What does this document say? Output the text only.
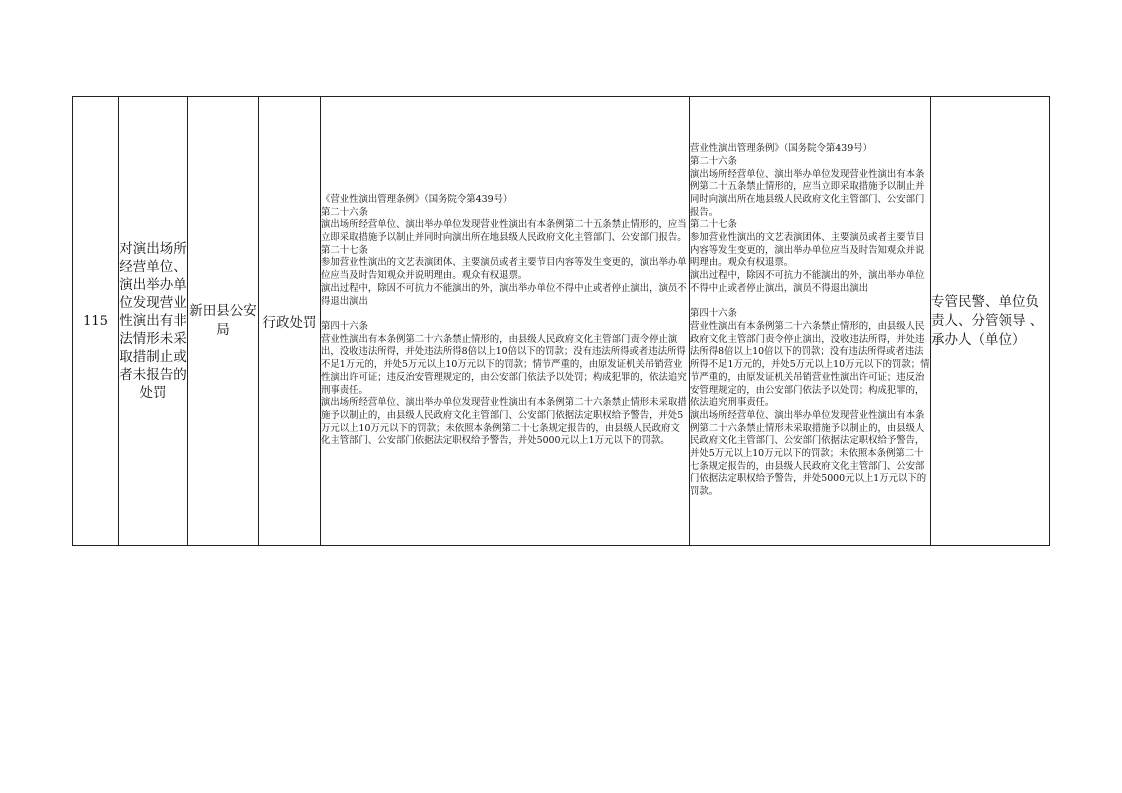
115	对演出场所经营单位、演出举办单位发现营业性演出有非法情形未采取措制止或者未报告的处罚	新田县公安局	行政处罚	《营业性演出管理条例》（国务院令第439号）
第二十六条
演出场所经营单位、演出举办单位发现营业性演出有本条例第二十五条禁止情形的，应当立即采取措施予以制止并同时向演出所在地县级人民政府文化主管部门、公安部门报告。
第二十七条
参加营业性演出的文艺表演团体、主要演员或者主要节目内容等发生变更的，演出举办单位应当及时告知观众并说明理由。观众有权退票。
演出过程中，除因不可抗力不能演出的外，演出举办单位不得中止或者停止演出，演员不得退出演出

第四十六条
营业性演出有本条例第二十六条禁止情形的，由县级人民政府文化主管部门责令停止演出，没收违法所得，并处违法所得8倍以上10倍以下的罚款；没有违法所得或者违法所得不足1万元的，并处5万元以上10万元以下的罚款；情节严重的，由原发证机关吊销营业性演出许可证；违反治安管理规定的，由公安部门依法予以处罚；构成犯罪的，依法追究刑事责任。
演出场所经营单位、演出举办单位发现营业性演出有本条例第二十六条禁止情形未采取措施予以制止的，由县级人民政府文化主管部门、公安部门依据法定职权给予警告，并处5万元以上10万元以下的罚款；未依照本条例第二十七条规定报告的，由县级人民政府文化主管部门、公安部门依据法定职权给予警告，并处5000元以上1万元以下的罚款。	营业性演出管理条例》（国务院令第439号）
第二十六条
演出场所经营单位、演出举办单位发现营业性演出有本条例第二十五条禁止情形的，应当立即采取措施予以制止并同时向演出所在地县级人民政府文化主管部门、公安部门报告。
第二十七条
参加营业性演出的文艺表演团体、主要演员或者主要节目内容等发生变更的，演出举办单位应当及时告知观众并说明理由。观众有权退票。
演出过程中，除因不可抗力不能演出的外，演出举办单位不得中止或者停止演出，演员不得退出演出

第四十六条
营业性演出有本条例第二十六条禁止情形的，由县级人民政府文化主管部门责令停止演出，没收违法所得，并处违法所得8倍以上10倍以下的罚款；没有违法所得或者违法所得不足1万元的，并处5万元以上10万元以下的罚款；情节严重的，由原发证机关吊销营业性演出许可证；违反治安管理规定的，由公安部门依法予以处罚；构成犯罪的，依法追究刑事责任。
演出场所经营单位、演出举办单位发现营业性演出有本条例第二十六条禁止情形未采取措施予以制止的，由县级人民政府文化主管部门、公安部门依据法定职权给予警告，并处5万元以上10万元以下的罚款；未依照本条例第二十七条规定报告的，由县级人民政府文化主管部门、公安部门依据法定职权给予警告，并处5000元以上1万元以下的罚款。	专管民警、单位负责人、分管领导 、承办人（单位）
